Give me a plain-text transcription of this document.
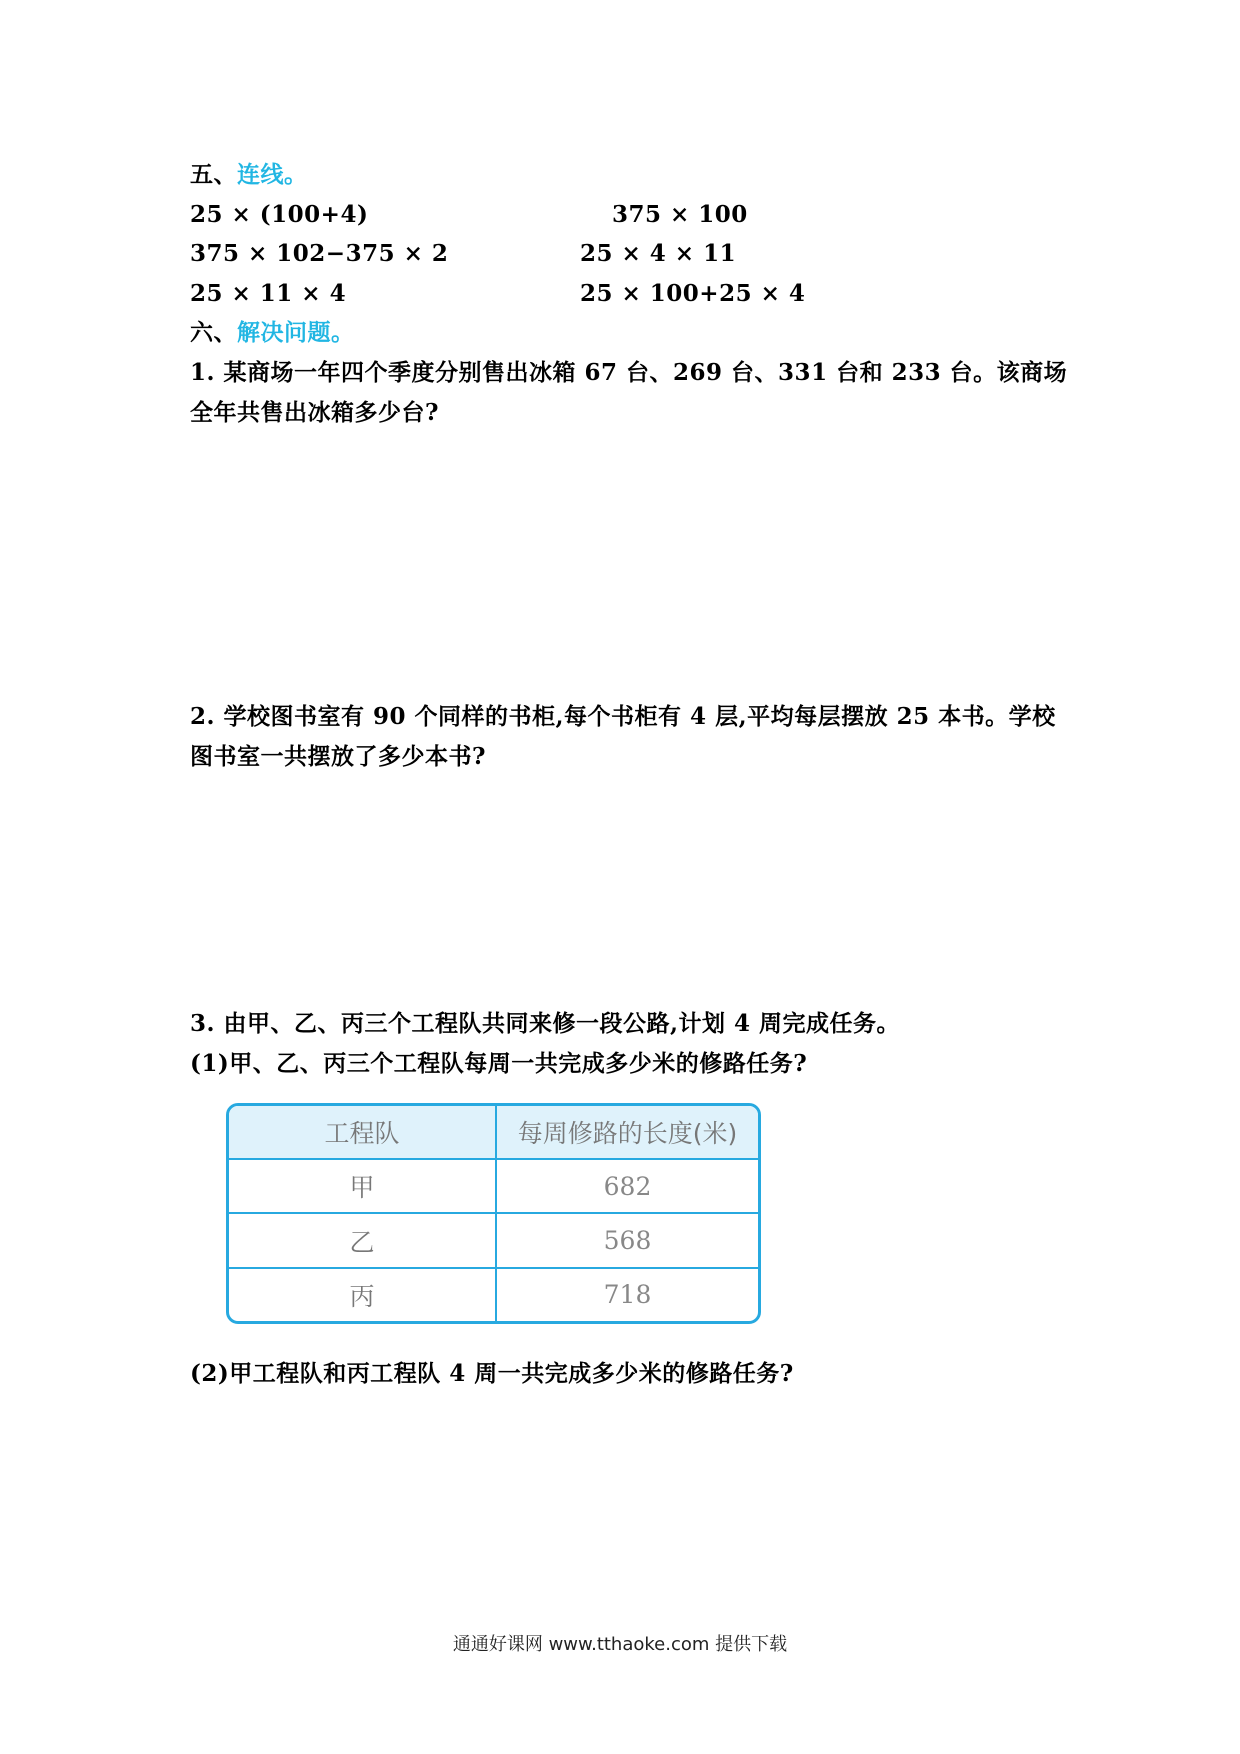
五、连线。

25 × (100+4)

375 × 102−375 × 2

25 × 11 × 4

375 × 100

25 × 4 × 11

25 × 100+25 × 4

六、解决问题。

1. 某商场一年四个季度分别售出冰箱 67 台、269 台、331 台和 233 台。该商场全年共售出冰箱多少台?

2. 学校图书室有 90 个同样的书柜,每个书柜有 4 层,平均每层摆放 25 本书。学校图书室一共摆放了多少本书?

3. 由甲、乙、丙三个工程队共同来修一段公路,计划 4 周完成任务。

(1)甲、乙、丙三个工程队每周一共完成多少米的修路任务?

工程队	每周修路的长度(米)
甲	682
乙	568
丙	718

(2)甲工程队和丙工程队 4 周一共完成多少米的修路任务?

通通好课网 www.tthaoke.com 提供下载
